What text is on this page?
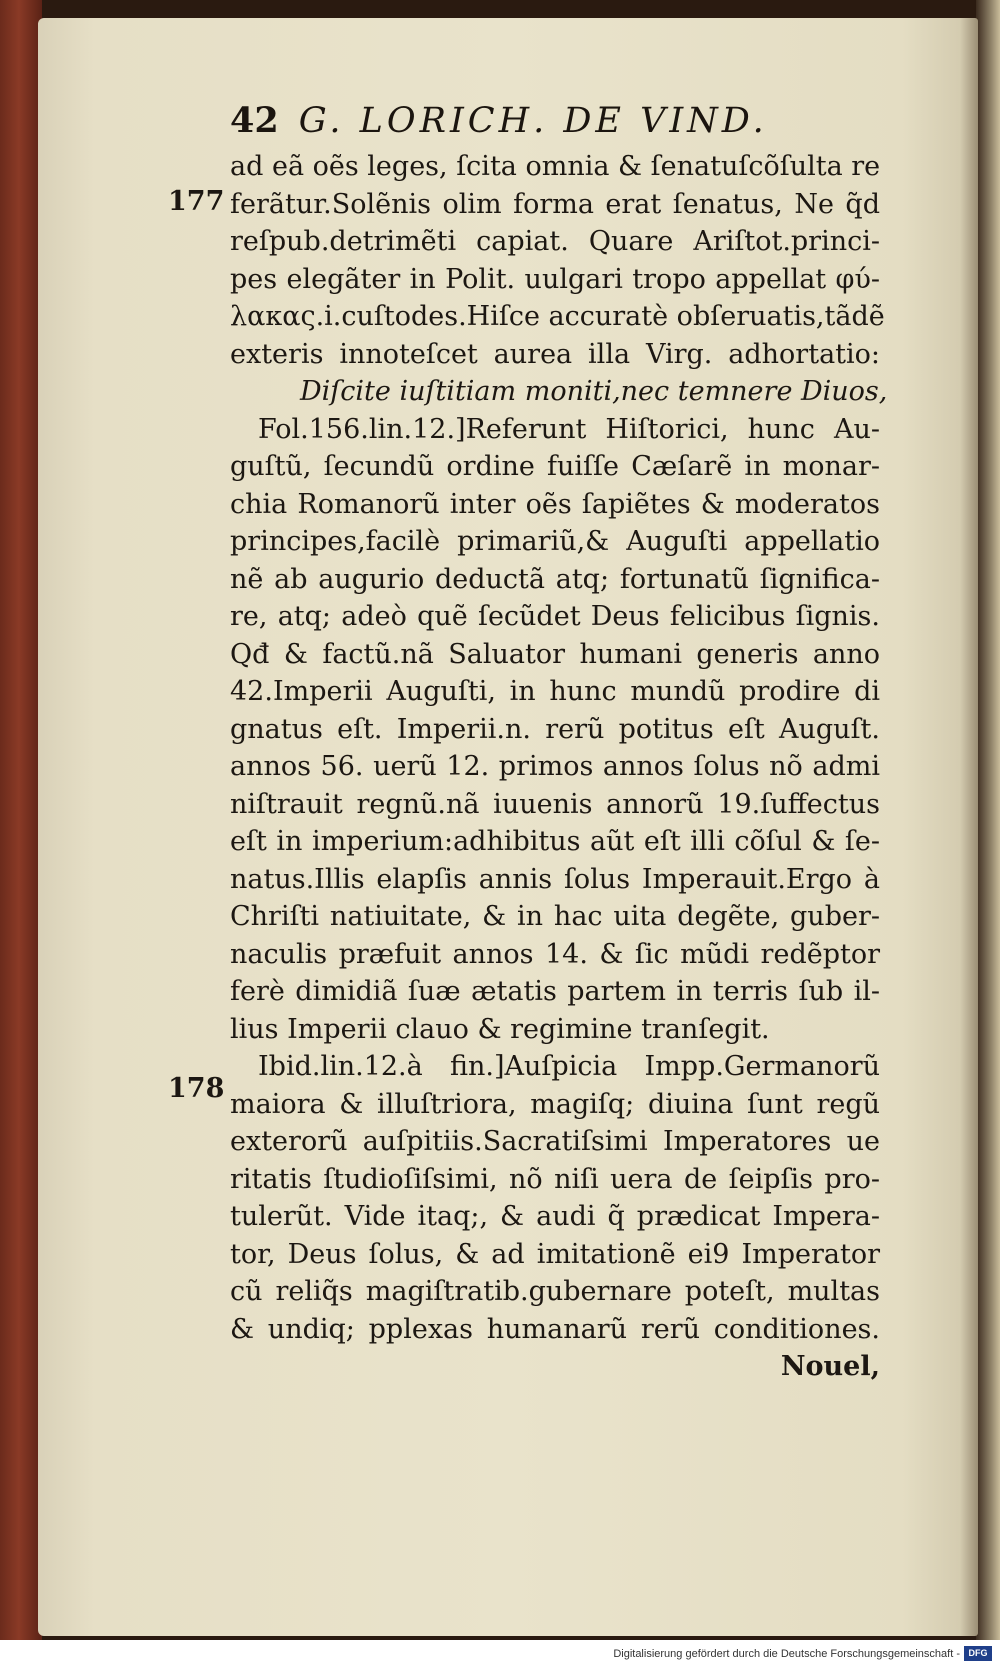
42 G. LORICH. DE VIND.
177
178
ad eã oẽs leges, ſcita omnia & ſenatuſcõſulta re
ferãtur.Solẽnis olim forma erat ſenatus, Ne q̃d
reſpub.detrimẽti capiat. Quare Ariſtot.princi-
pes elegãter in Polit. uulgari tropo appellat φύ-
λακας.i.cuſtodes.Hiſce accuratè obſeruatis,tãdẽ
exteris innoteſcet aurea illa Virg. adhortatio:
Diſcite iuſtitiam moniti,nec temnere Diuos,
Fol.156.lin.12.]Referunt Hiſtorici, hunc Au-
guſtũ, ſecundũ ordine fuiſſe Cæſarẽ in monar-
chia Romanorũ inter oẽs ſapiẽtes & moderatos
principes,facilè primariũ,& Auguſti appellatio
nẽ ab augurio deductã atq; fortunatũ ſignifica-
re, atq; adeò quẽ ſecũdet Deus felicibus ſignis.
Qđ & factũ.nã Saluator humani generis anno
42.Imperii Auguſti, in hunc mundũ prodire di
gnatus eſt. Imperii.n. rerũ potitus eſt Auguſt.
annos 56. uerũ 12. primos annos ſolus nõ admi
niſtrauit regnũ.nã iuuenis annorũ 19.ſuffectus
eſt in imperium:adhibitus aũt eſt illi cõſul & ſe-
natus.Illis elapſis annis ſolus Imperauit.Ergo à
Chriſti natiuitate, & in hac uita degẽte, guber-
naculis præfuit annos 14. & ſic mũdi redẽptor
ferè dimidiã ſuæ ætatis partem in terris ſub il-
lius Imperii clauo & regimine tranſegit.
Ibid.lin.12.à fin.]Auſpicia Impp.Germanorũ
maiora & illuſtriora, magiſq; diuina ſunt regũ
exterorũ auſpitiis.Sacratiſsimi Imperatores ue
ritatis ſtudioſiſsimi, nõ niſi uera de ſeipſis pro-
tulerũt. Vide itaq;, & audi q̃ prædicat Impera-
tor, Deus ſolus, & ad imitationẽ ei9 Imperator
cũ reliq̃s magiſtratib.gubernare poteſt, multas
& undiq; pplexas humanarũ rerũ conditiones.
Nouel,
Digitalisierung gefördert durch die Deutsche Forschungsgemeinschaft - DFG
